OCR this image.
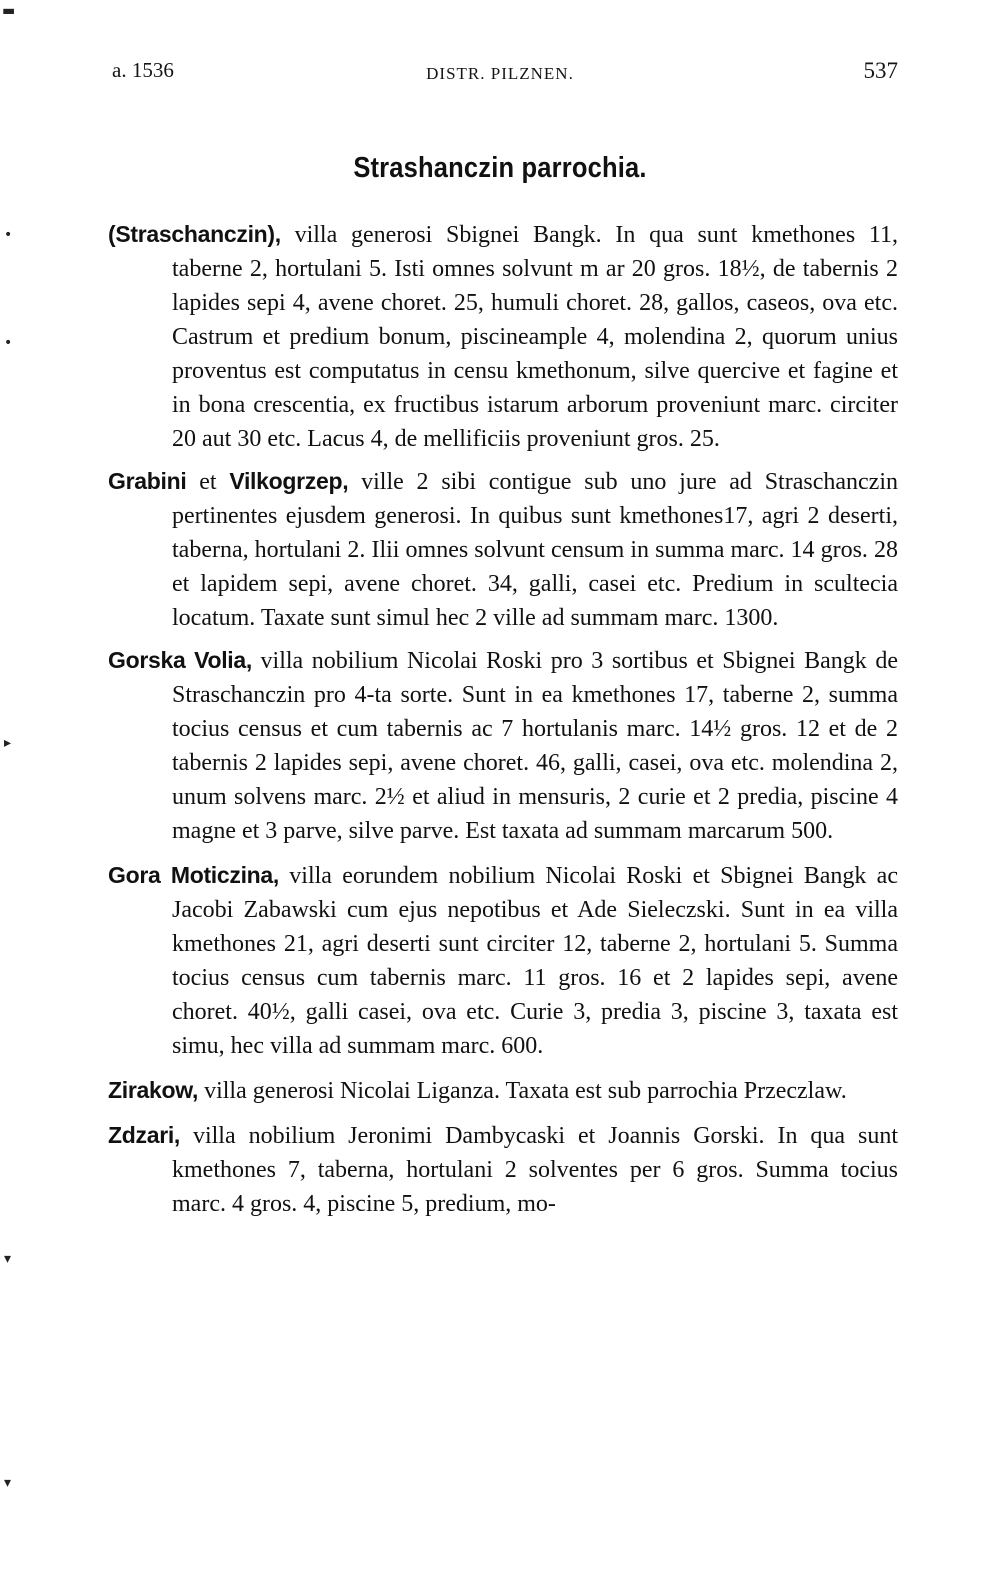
a. 1536	DISTR. PILZNEN.	537
Strashanczin parrochia.

(Straschanczin), villa generosi Sbignei Bangk. In qua sunt kmethones 11, taberne 2, hortulani 5. Isti omnes solvunt m ar 20 gros. 18½, de tabernis 2 lapides sepi 4, avene choret. 25, humuli choret. 28, gallos, caseos, ova etc. Castrum et predium bonum, piscineample 4, molendina 2, quorum unius proventus est computatus in censu kmethonum, silve quercive et fagine et in bona crescentia, ex fructibus istarum arborum proveniunt marc. circiter 20 aut 30 etc. Lacus 4, de mellificiis proveniunt gros. 25.

Grabini et Vilkogrzep, ville 2 sibi contigue sub uno jure ad Straschanczin pertinentes ejusdem generosi. In quibus sunt kmethones17, agri 2 deserti, taberna, hortulani 2. Ilii omnes solvunt censum in summa marc. 14 gros. 28 et lapidem sepi, avene choret. 34, galli, casei etc. Predium in scultecia locatum. Taxate sunt simul hec 2 ville ad summam marc. 1300.

Gorska Volia, villa nobilium Nicolai Roski pro 3 sortibus et Sbignei Bangk de Straschanczin pro 4-ta sorte. Sunt in ea kmethones 17, taberne 2, summa tocius census et cum tabernis ac 7 hortulanis marc. 14½ gros. 12 et de 2 tabernis 2 lapides sepi, avene choret. 46, galli, casei, ova etc. molendina 2, unum solvens marc. 2½ et aliud in mensuris, 2 curie et 2 predia, piscine 4 magne et 3 parve, silve parve. Est taxata ad summam marcarum 500.

Gora Moticzina, villa eorundem nobilium Nicolai Roski et Sbignei Bangk ac Jacobi Zabawski cum ejus nepotibus et Ade Sieleczski. Sunt in ea villa kmethones 21, agri deserti sunt circiter 12, taberne 2, hortulani 5. Summa tocius census cum tabernis marc. 11 gros. 16 et 2 lapides sepi, avene choret. 40½, galli casei, ova etc. Curie 3, predia 3, piscine 3, taxata est simu, hec villa ad summam marc. 600.

Zirakow, villa generosi Nicolai Liganza. Taxata est sub parrochia Przeczlaw.

Zdzari, villa nobilium Jeronimi Dambycaski et Joannis Gorski. In qua sunt kmethones 7, taberna, hortulani 2 solventes per 6 gros. Summa tocius marc. 4 gros. 4, piscine 5, predium, mo-

▬
•
•
▸
▾
▾
